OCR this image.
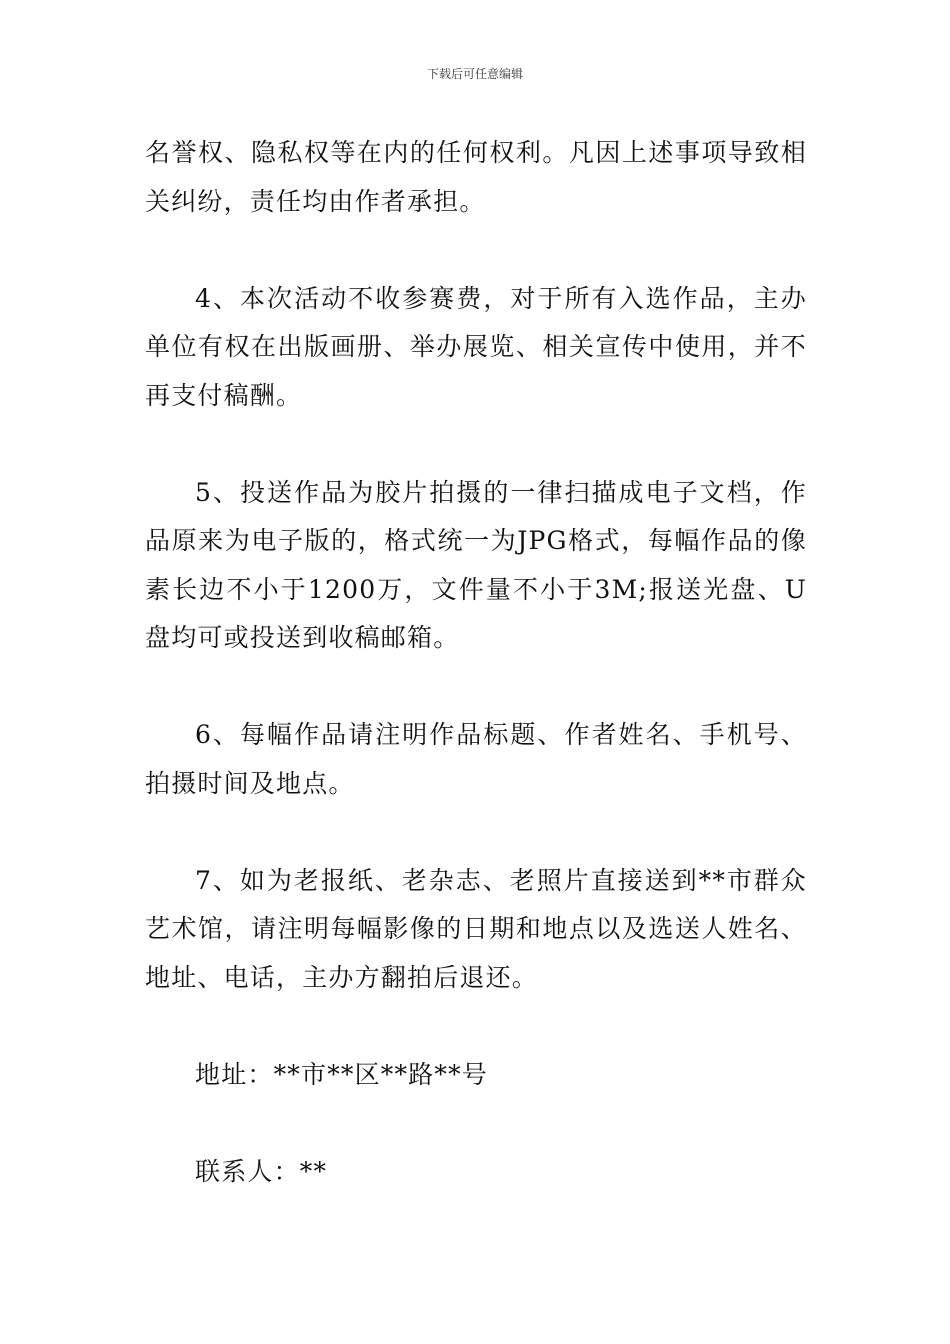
下载后可任意编辑

名誉权、隐私权等在内的任何权利。凡因上述事项导致相关纠纷，责任均由作者承担。

4、本次活动不收参赛费，对于所有入选作品，主办单位有权在出版画册、举办展览、相关宣传中使用，并不再支付稿酬。

5、投送作品为胶片拍摄的一律扫描成电子文档，作品原来为电子版的，格式统一为JPG格式，每幅作品的像素长边不小于1200万，文件量不小于3M;报送光盘、U盘均可或投送到收稿邮箱。

6、每幅作品请注明作品标题、作者姓名、手机号、拍摄时间及地点。

7、如为老报纸、老杂志、老照片直接送到**市群众艺术馆，请注明每幅影像的日期和地点以及选送人姓名、地址、电话，主办方翻拍后退还。

地址：**市**区**路**号

联系人：**
